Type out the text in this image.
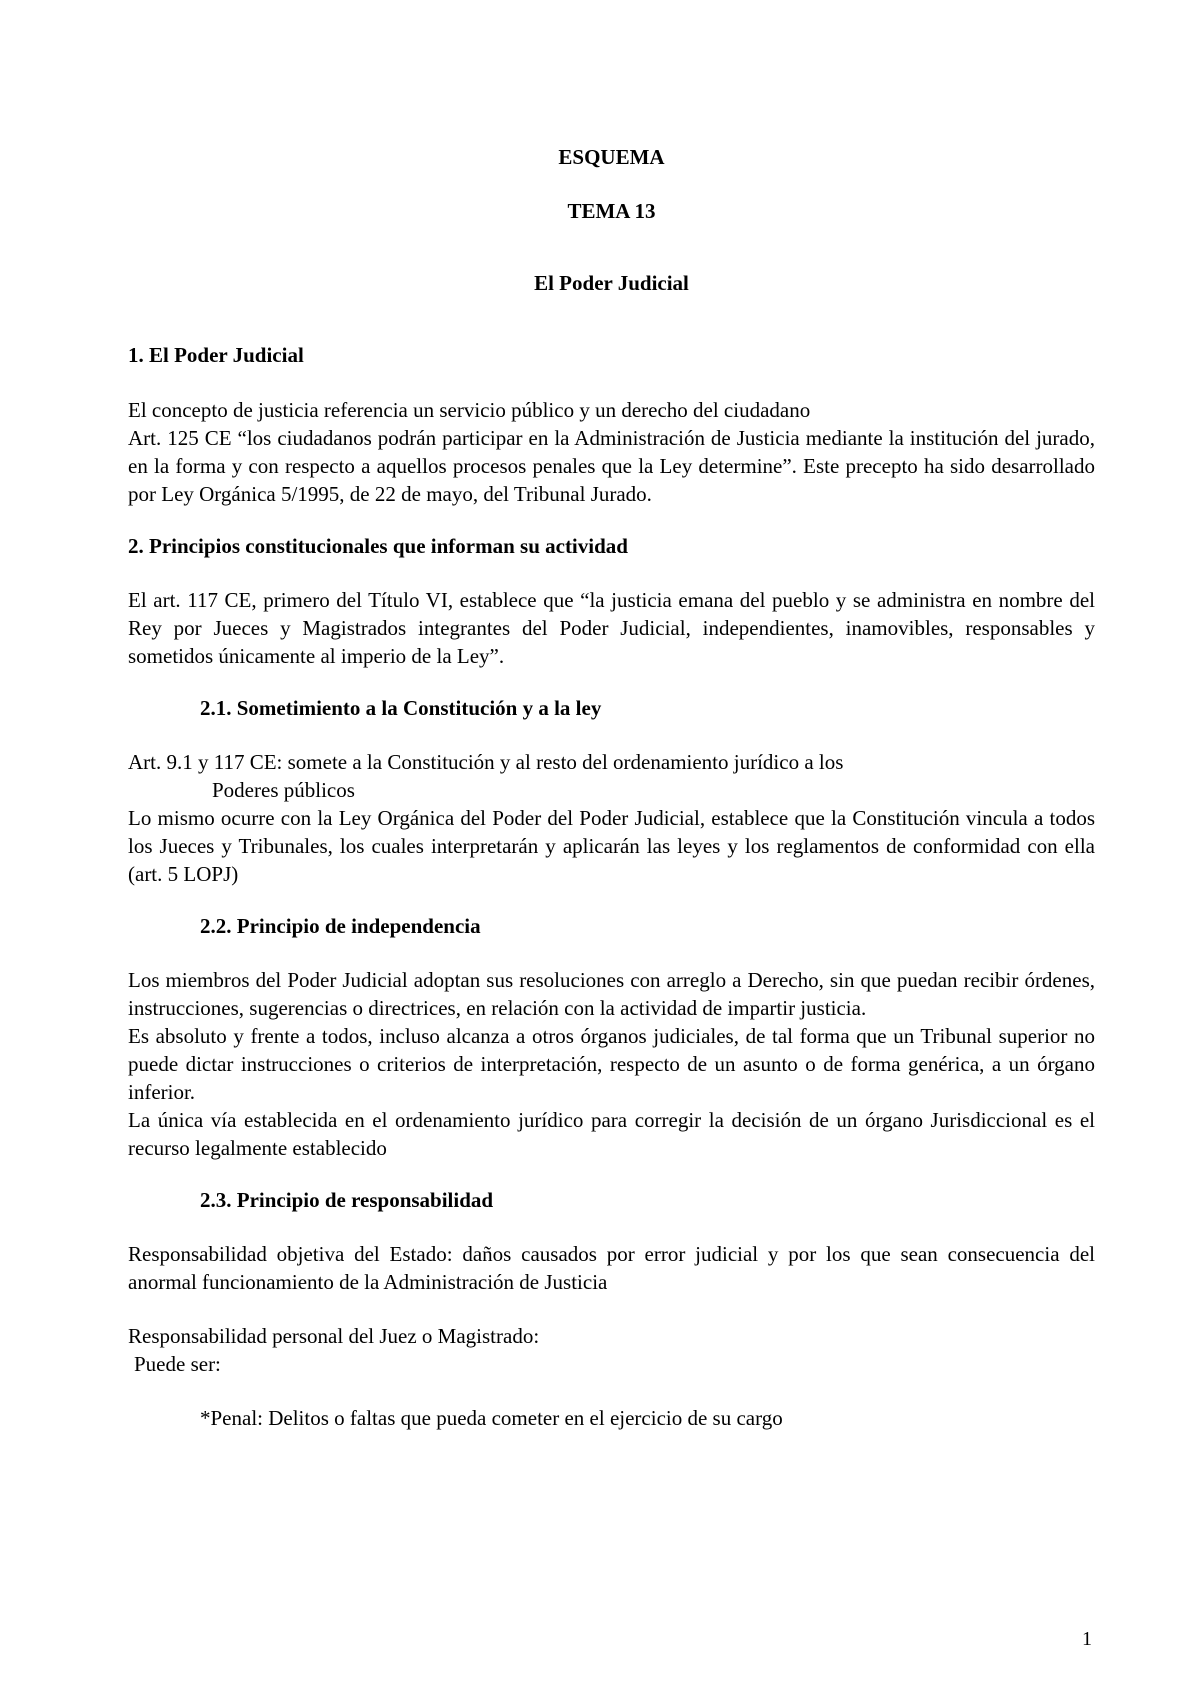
ESQUEMA
TEMA 13
El Poder Judicial
1. El Poder Judicial

El concepto de justicia referencia un servicio público y un derecho del ciudadano

Art. 125 CE “los ciudadanos podrán participar en la Administración de Justicia mediante la institución del jurado, en la forma y con respecto a aquellos procesos penales que la Ley determine”. Este precepto ha sido desarrollado por Ley Orgánica 5/1995, de 22 de mayo, del Tribunal Jurado.

2. Principios constitucionales que informan su actividad

El art. 117 CE, primero del Título VI, establece que “la justicia emana del pueblo y se administra en nombre del Rey por Jueces y Magistrados integrantes del Poder Judicial, independientes, inamovibles, responsables y sometidos únicamente al imperio de la Ley”.

2.1. Sometimiento a la Constitución y a la ley

Art. 9.1 y 117 CE: somete a la Constitución y al resto del ordenamiento jurídico a los

Poderes públicos

Lo mismo ocurre con la Ley Orgánica del Poder del Poder Judicial, establece que la Constitución vincula a todos los Jueces y Tribunales, los cuales interpretarán y aplicarán las leyes y los reglamentos de conformidad con ella (art. 5 LOPJ)

2.2. Principio de independencia

Los miembros del Poder Judicial adoptan sus resoluciones con arreglo a Derecho, sin que puedan recibir órdenes, instrucciones, sugerencias o directrices, en relación con la actividad de impartir justicia.

Es absoluto y frente a todos, incluso alcanza a otros órganos judiciales, de tal forma que un Tribunal superior no puede dictar instrucciones o criterios de interpretación, respecto de un asunto o de forma genérica, a un órgano inferior.

La única vía establecida en el ordenamiento jurídico para corregir la decisión de un órgano Jurisdiccional es el recurso legalmente establecido

2.3. Principio de responsabilidad

Responsabilidad objetiva del Estado: daños causados por error judicial y por los que sean consecuencia del anormal funcionamiento de la Administración de Justicia

Responsabilidad personal del Juez o Magistrado:

Puede ser:

*Penal: Delitos o faltas que pueda cometer en el ejercicio de su cargo

1
